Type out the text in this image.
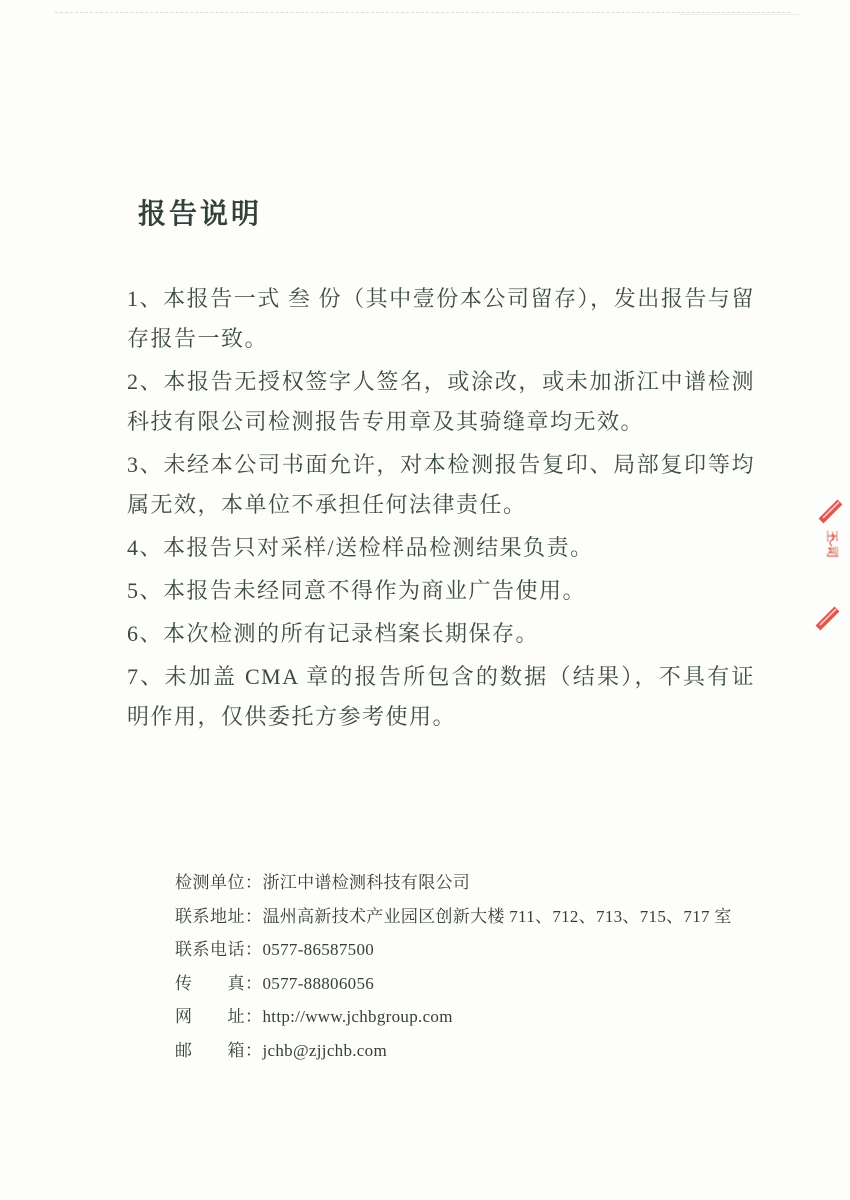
报告说明

1、本报告一式 叁 份（其中壹份本公司留存），发出报告与留存报告一致。

2、本报告无授权签字人签名，或涂改，或未加浙江中谱检测科技有限公司检测报告专用章及其骑缝章均无效。

3、未经本公司书面允许，对本检测报告复印、局部复印等均属无效，本单位不承担任何法律责任。

4、本报告只对采样/送检样品检测结果负责。

5、本报告未经同意不得作为商业广告使用。

6、本次检测的所有记录档案长期保存。

7、未加盖 CMA 章的报告所包含的数据（结果），不具有证明作用，仅供委托方参考使用。

检测单位：浙江中谱检测科技有限公司
联系地址：温州高新技术产业园区创新大楼 711、712、713、715、717 室
联系电话：0577-86587500
传　　真：0577-88806056
网　　址：http://www.jchbgroup.com
邮　　箱：jchb@zjjchb.com
王司
